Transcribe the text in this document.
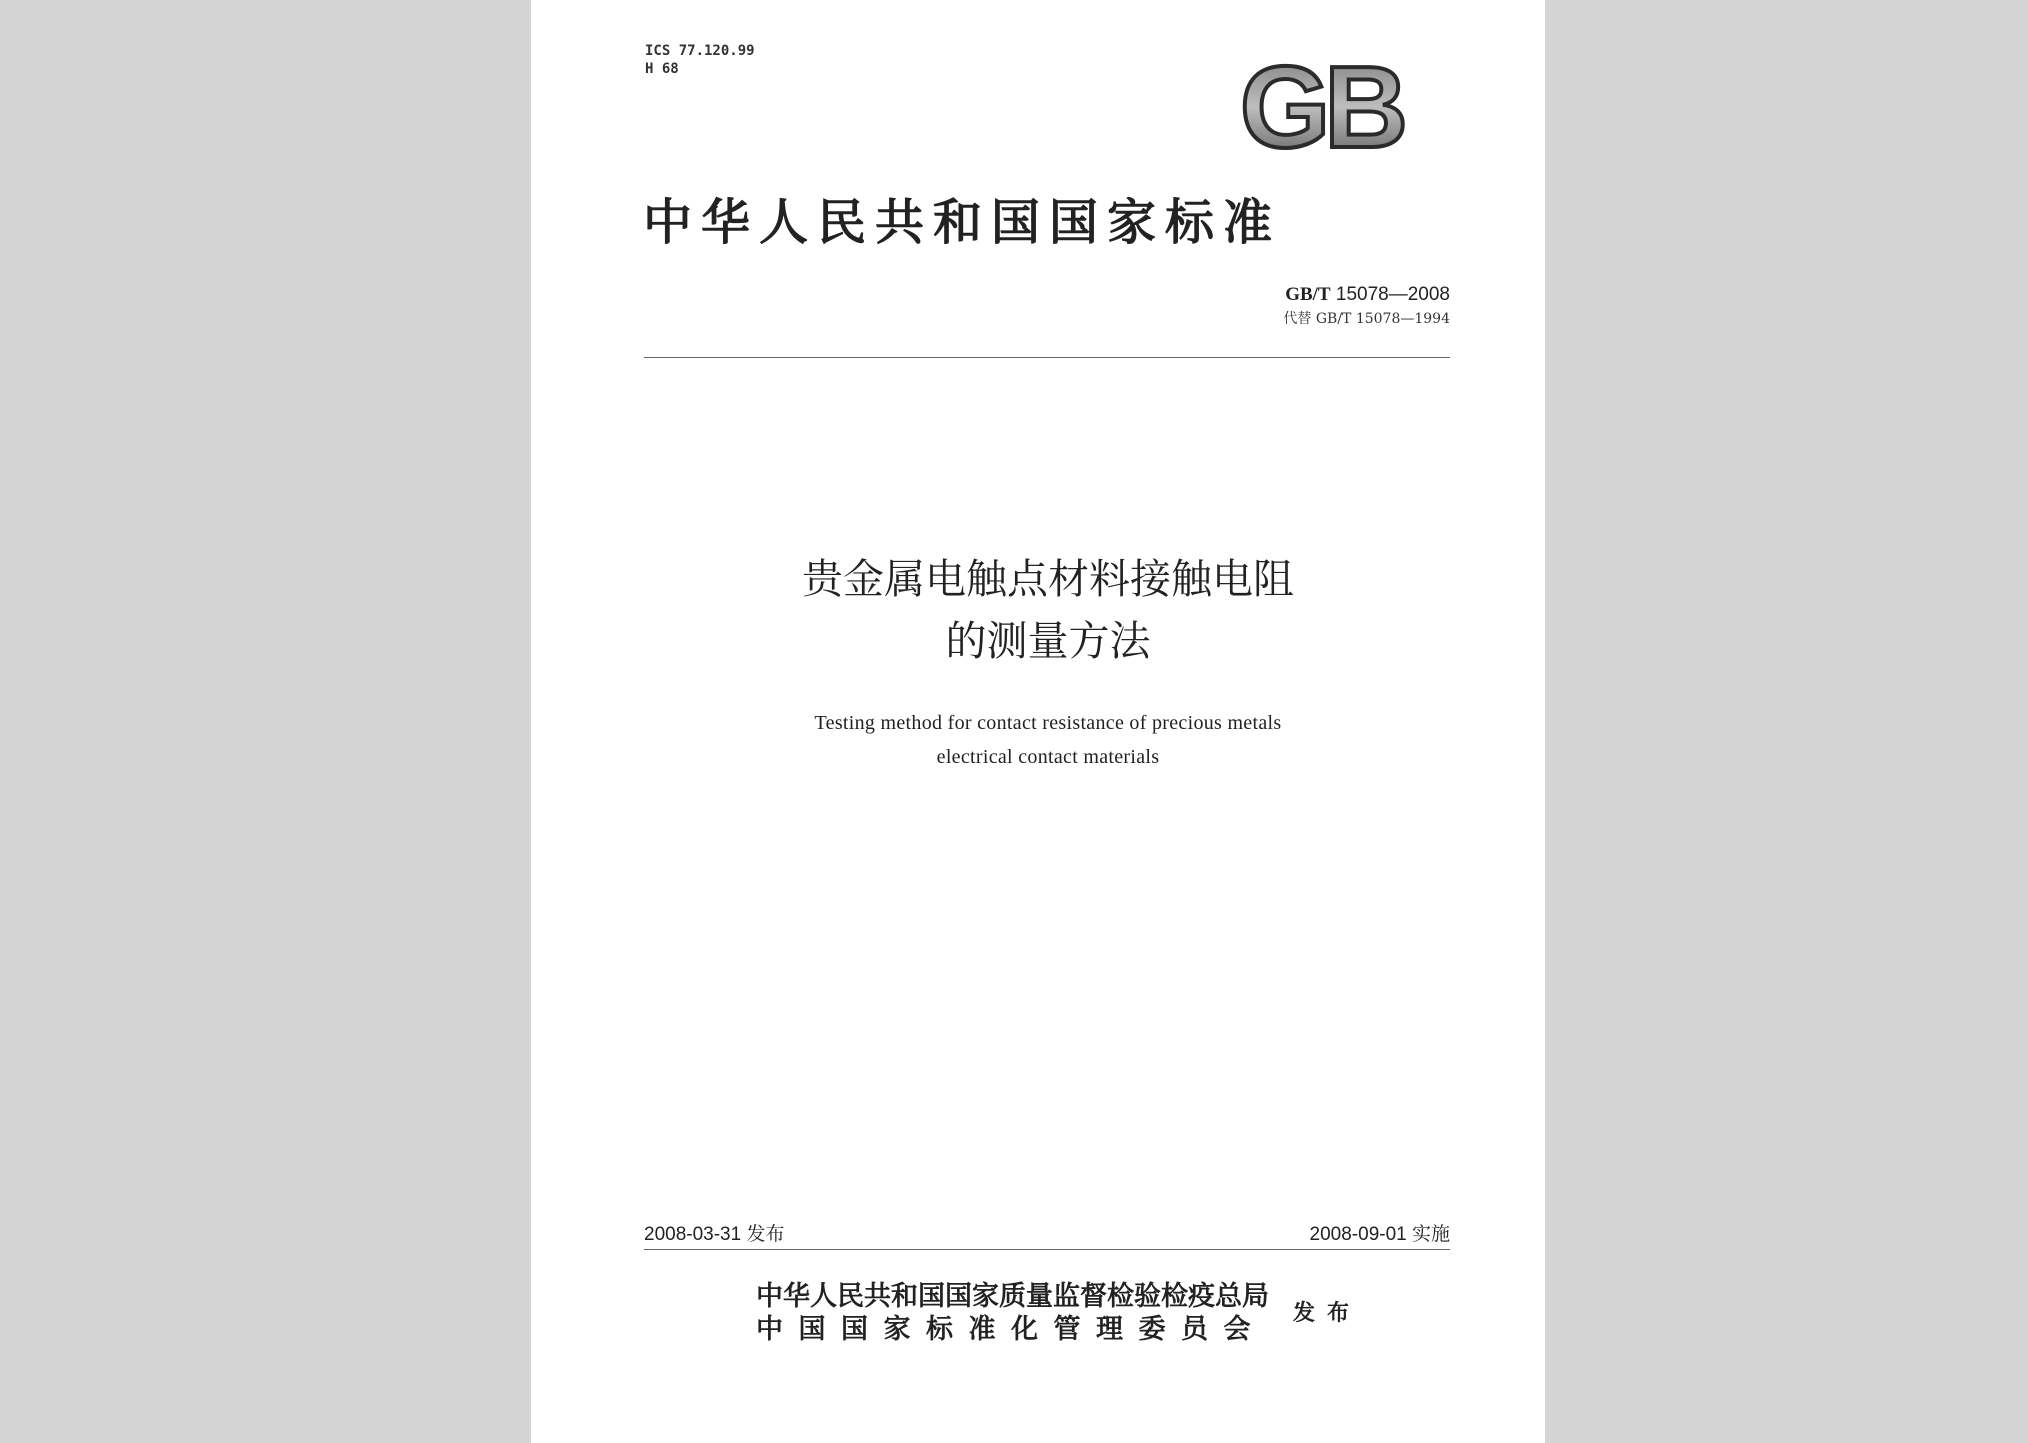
ICS 77.120.99
H 68	GB
中华人民共和国国家标准
GB/T 15078—2008
代替 GB/T 15078—1994
贵金属电触点材料接触电阻
的测量方法
Testing method for contact resistance of precious metals
electrical contact materials
2008-03-31 发布	2008-09-01 实施
中华人民共和国国家质量监督检验检疫总局
中国国家标准化管理委员会
发布
